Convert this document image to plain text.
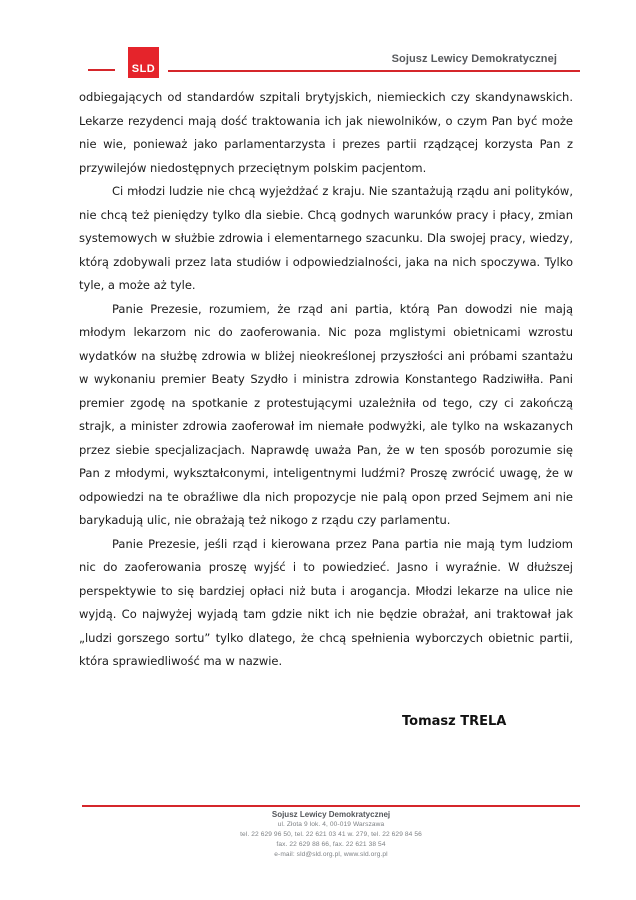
SLD
Sojusz Lewicy Demokratycznej

odbiegających od standardów szpitali brytyjskich, niemieckich czy skandynawskich. Lekarze rezydenci mają dość traktowania ich jak niewolników, o czym Pan być może nie wie, ponieważ jako parlamentarzysta i prezes partii rządzącej korzysta Pan z przywilejów niedostępnych przeciętnym polskim pacjentom.

Ci młodzi ludzie nie chcą wyjeżdżać z kraju. Nie szantażują rządu ani polityków, nie chcą też pieniędzy tylko dla siebie. Chcą godnych warunków pracy i płacy, zmian systemowych w służbie zdrowia i elementarnego szacunku. Dla swojej pracy, wiedzy, którą zdobywali przez lata studiów i odpowiedzialności, jaka na nich spoczywa. Tylko tyle, a może aż tyle.

Panie Prezesie, rozumiem, że rząd ani partia, którą Pan dowodzi nie mają młodym lekarzom nic do zaoferowania. Nic poza mglistymi obietnicami wzrostu wydatków na służbę zdrowia w bliżej nieokreślonej przyszłości ani próbami szantażu w wykonaniu premier Beaty Szydło i ministra zdrowia Konstantego Radziwiłła. Pani premier zgodę na spotkanie z protestującymi uzależniła od tego, czy ci zakończą strajk, a minister zdrowia zaoferował im niemałe podwyżki, ale tylko na wskazanych przez siebie specjalizacjach. Naprawdę uważa Pan, że w ten sposób porozumie się Pan z młodymi, wykształconymi, inteligentnymi ludźmi? Proszę zwrócić uwagę, że w odpowiedzi na te obraźliwe dla nich propozycje nie palą opon przed Sejmem ani nie barykadują ulic, nie obrażają też nikogo z rządu czy parlamentu.

Panie Prezesie, jeśli rząd i kierowana przez Pana partia nie mają tym ludziom nic do zaoferowania proszę wyjść i to powiedzieć. Jasno i wyraźnie. W dłuższej perspektywie to się bardziej opłaci niż buta i arogancja. Młodzi lekarze na ulice nie wyjdą. Co najwyżej wyjadą tam gdzie nikt ich nie będzie obrażał, ani traktował jak „ludzi gorszego sortu” tylko dlatego, że chcą spełnienia wyborczych obietnic partii, która sprawiedliwość ma w nazwie.

Tomasz TRELA
Sojusz Lewicy Demokratycznej
ul. Złota 9 lok. 4, 00-019 Warszawa
tel. 22 629 96 50, tel. 22 621 03 41 w. 279, tel. 22 629 84 56
fax. 22 629 88 66, fax. 22 621 38 54
e-mail: sld@sld.org.pl, www.sld.org.pl
